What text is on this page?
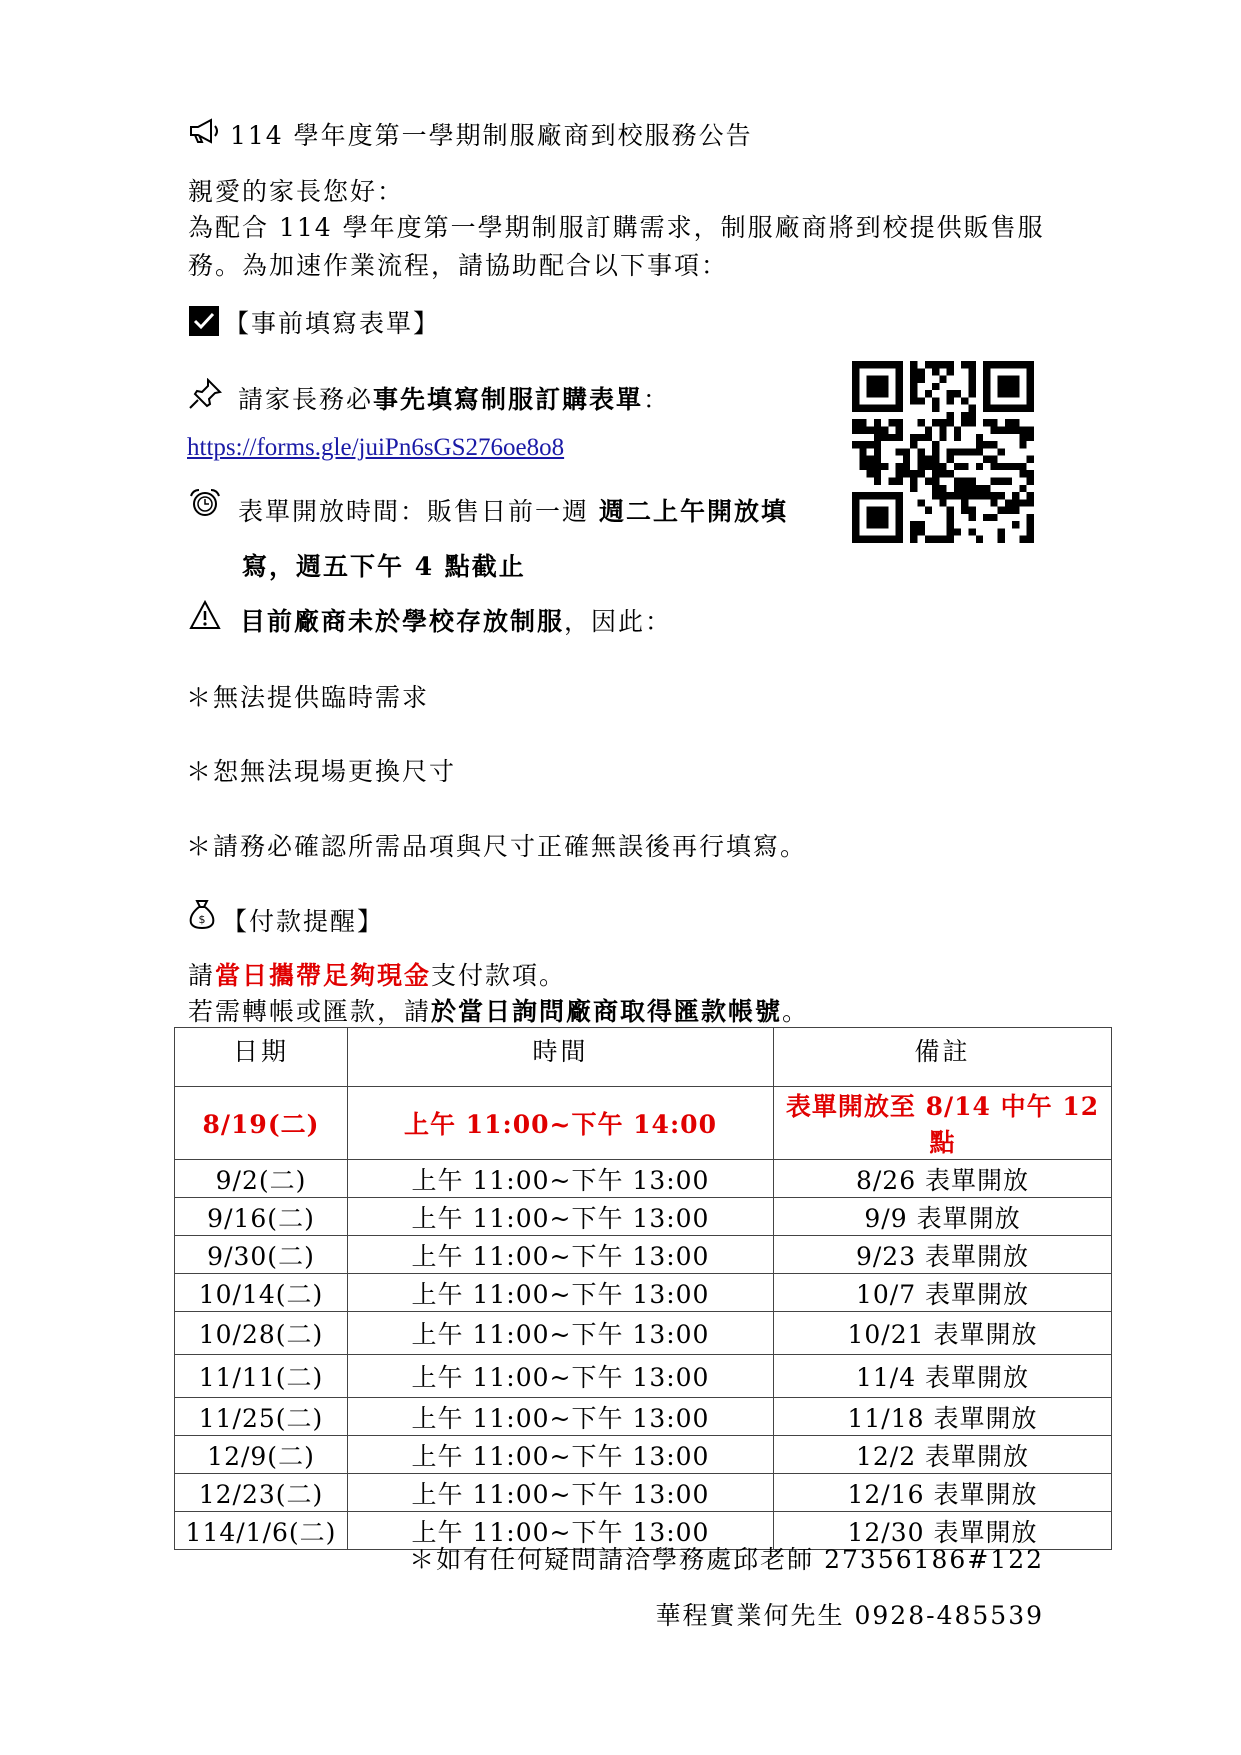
114 學年度第一學期制服廠商到校服務公告
親愛的家長您好：
為配合 114 學年度第一學期制服訂購需求，制服廠商將到校提供販售服
務。為加速作業流程，請協助配合以下事項：
【事前填寫表單】
請家長務必事先填寫制服訂購表單：
https://forms.gle/juiPn6sGS276oe8o8
表單開放時間：販售日前一週 週二上午開放填
寫，週五下午 4 點截止
目前廠商未於學校存放制服，因此：
＊無法提供臨時需求
＊恕無法現場更換尺寸
＊請務必確認所需品項與尺寸正確無誤後再行填寫。
$ 【付款提醒】
請當日攜帶足夠現金支付款項。
若需轉帳或匯款，請於當日詢問廠商取得匯款帳號。
日期	時間	備註
8/19(二)	上午 11:00~下午 14:00	表單開放至 8/14 中午 12 點
9/2(二)	上午 11:00~下午 13:00	8/26 表單開放
9/16(二)	上午 11:00~下午 13:00	9/9 表單開放
9/30(二)	上午 11:00~下午 13:00	9/23 表單開放
10/14(二)	上午 11:00~下午 13:00	10/7 表單開放
10/28(二)	上午 11:00~下午 13:00	10/21 表單開放
11/11(二)	上午 11:00~下午 13:00	11/4 表單開放
11/25(二)	上午 11:00~下午 13:00	11/18 表單開放
12/9(二)	上午 11:00~下午 13:00	12/2 表單開放
12/23(二)	上午 11:00~下午 13:00	12/16 表單開放
114/1/6(二)	上午 11:00~下午 13:00	12/30 表單開放
＊如有任何疑問請洽學務處邱老師 27356186#122
華程實業何先生 0928-485539
